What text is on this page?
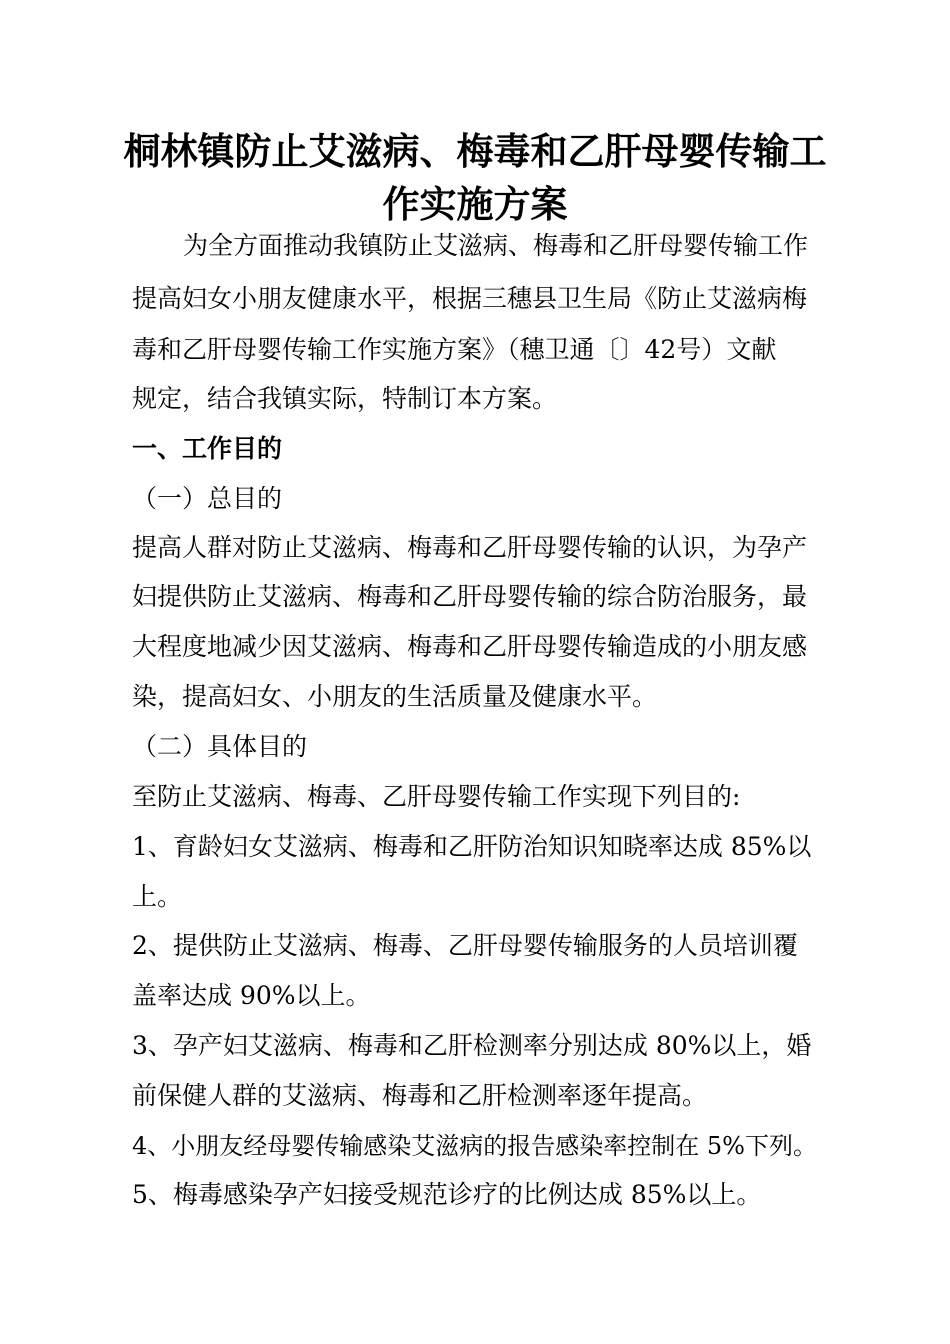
桐林镇防止艾滋病、梅毒和乙肝母婴传输工
作实施方案
为全方面推动我镇防止艾滋病、梅毒和乙肝母婴传输工作
提高妇女小朋友健康水平，根据三穗县卫生局《防止艾滋病梅
毒和乙肝母婴传输工作实施方案》（穗卫通〔〕42号）文献
规定，结合我镇实际，特制订本方案。
一、工作目的
（一）总目的
提高人群对防止艾滋病、梅毒和乙肝母婴传输的认识，为孕产
妇提供防止艾滋病、梅毒和乙肝母婴传输的综合防治服务，最
大程度地减少因艾滋病、梅毒和乙肝母婴传输造成的小朋友感
染，提高妇女、小朋友的生活质量及健康水平。
（二）具体目的
至防止艾滋病、梅毒、乙肝母婴传输工作实现下列目的:
1、育龄妇女艾滋病、梅毒和乙肝防治知识知晓率达成 85%以
上。
2、提供防止艾滋病、梅毒、乙肝母婴传输服务的人员培训覆
盖率达成 90%以上。
3、孕产妇艾滋病、梅毒和乙肝检测率分别达成 80%以上，婚
前保健人群的艾滋病、梅毒和乙肝检测率逐年提高。
4、小朋友经母婴传输感染艾滋病的报告感染率控制在 5%下列。
5、梅毒感染孕产妇接受规范诊疗的比例达成 85%以上。
